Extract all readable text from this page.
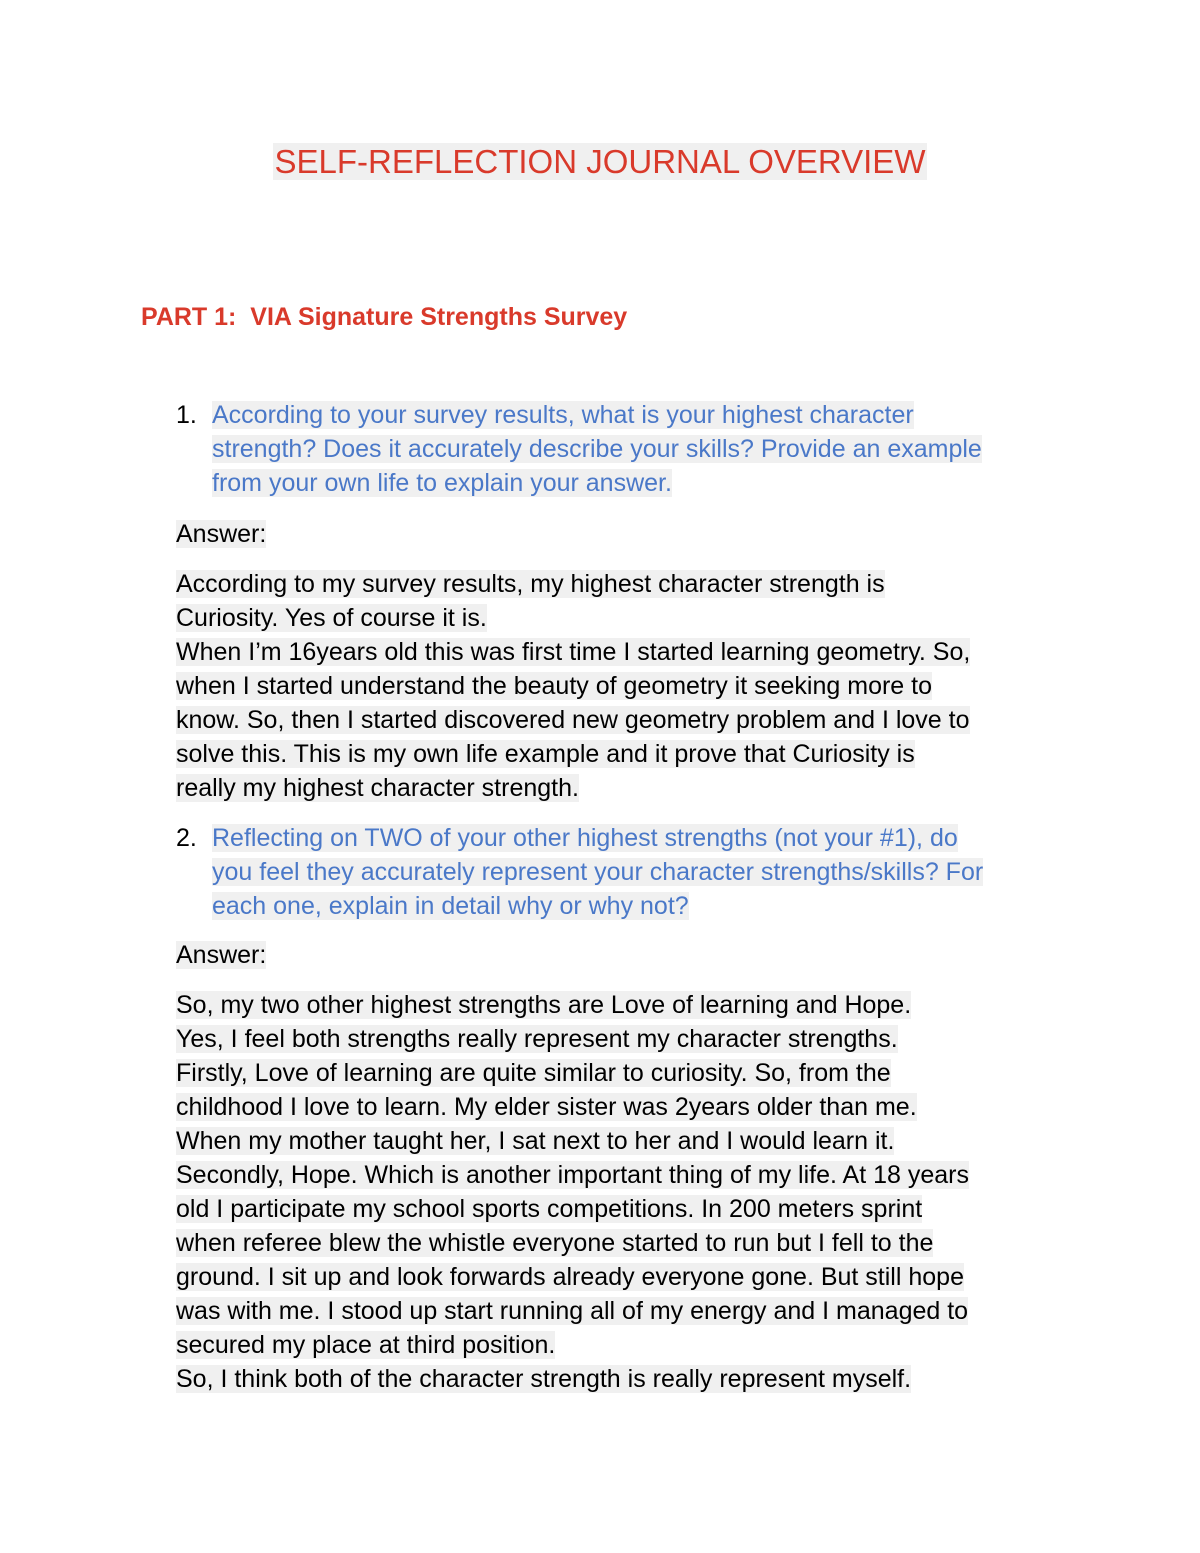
SELF-REFLECTION JOURNAL OVERVIEW
PART 1:  VIA Signature Strengths Survey
1. According to your survey results, what is your highest character
strength? Does it accurately describe your skills? Provide an example
from your own life to explain your answer.

Answer:

According to my survey results, my highest character strength is
Curiosity. Yes of course it is.
When I’m 16years old this was first time I started learning geometry. So,
when I started understand the beauty of geometry it seeking more to
know. So, then I started discovered new geometry problem and I love to
solve this. This is my own life example and it prove that Curiosity is
really my highest character strength.

2. Reflecting on TWO of your other highest strengths (not your #1), do
you feel they accurately represent your character strengths/skills? For
each one, explain in detail why or why not?

Answer:

So, my two other highest strengths are Love of learning and Hope.
Yes, I feel both strengths really represent my character strengths.
Firstly, Love of learning are quite similar to curiosity. So, from the
childhood I love to learn. My elder sister was 2years older than me.
When my mother taught her, I sat next to her and I would learn it.
Secondly, Hope. Which is another important thing of my life. At 18 years
old I participate my school sports competitions. In 200 meters sprint
when referee blew the whistle everyone started to run but I fell to the
ground. I sit up and look forwards already everyone gone. But still hope
was with me. I stood up start running all of my energy and I managed to
secured my place at third position.
So, I think both of the character strength is really represent myself.
